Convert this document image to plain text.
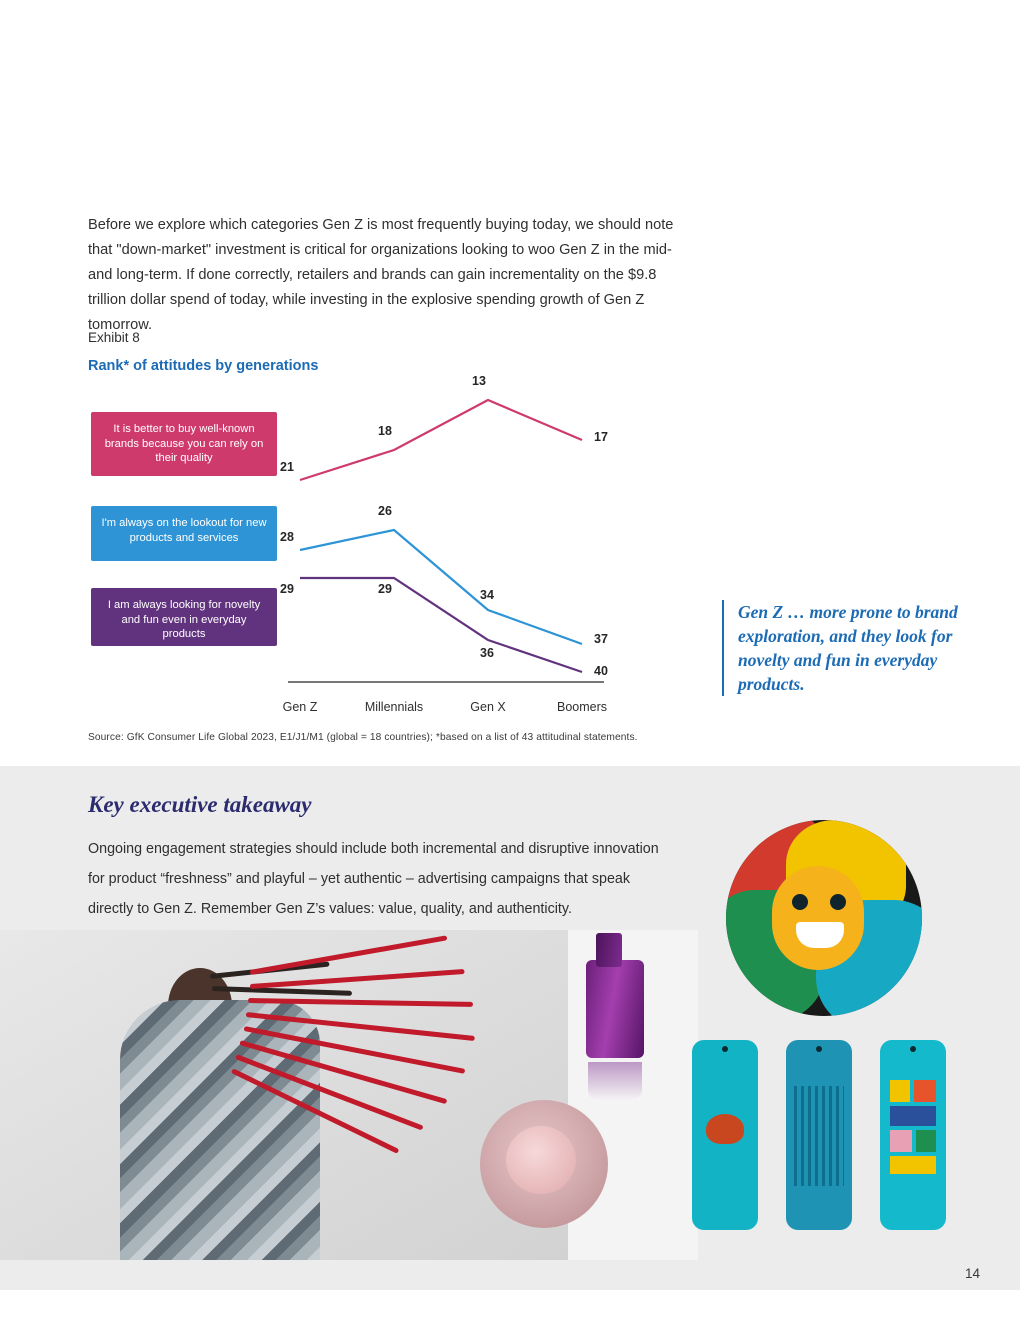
Before we explore which categories Gen Z is most frequently buying today, we should note that "down-market" investment is critical for organizations looking to woo Gen Z in the mid- and long-term. If done correctly, retailers and brands can gain incrementality on the $9.8 trillion dollar spend of today, while investing in the explosive spending growth of Gen Z tomorrow.

Exhibit 8
Rank* of attitudes by generations
It is better to buy well-known brands because you can rely on their quality
I'm always on the lookout for new products and services
I am always looking for novelty and fun even in everyday products
21
18
13
17
28
26
34
37
29	29
36
40
Gen Z	Millennials	Gen X	Boomers
Source: GfK Consumer Life Global 2023, E1/J1/M1 (global = 18 countries); *based on a list of 43 attitudinal statements.
Gen Z … more prone to brand exploration, and they look for novelty and fun in everyday products.
Key executive takeaway
Ongoing engagement strategies should include both incremental and disruptive innovation for product “freshness” and playful – yet authentic – advertising campaigns that speak directly to Gen Z. Remember Gen Z’s values: value, quality, and authenticity.
14
